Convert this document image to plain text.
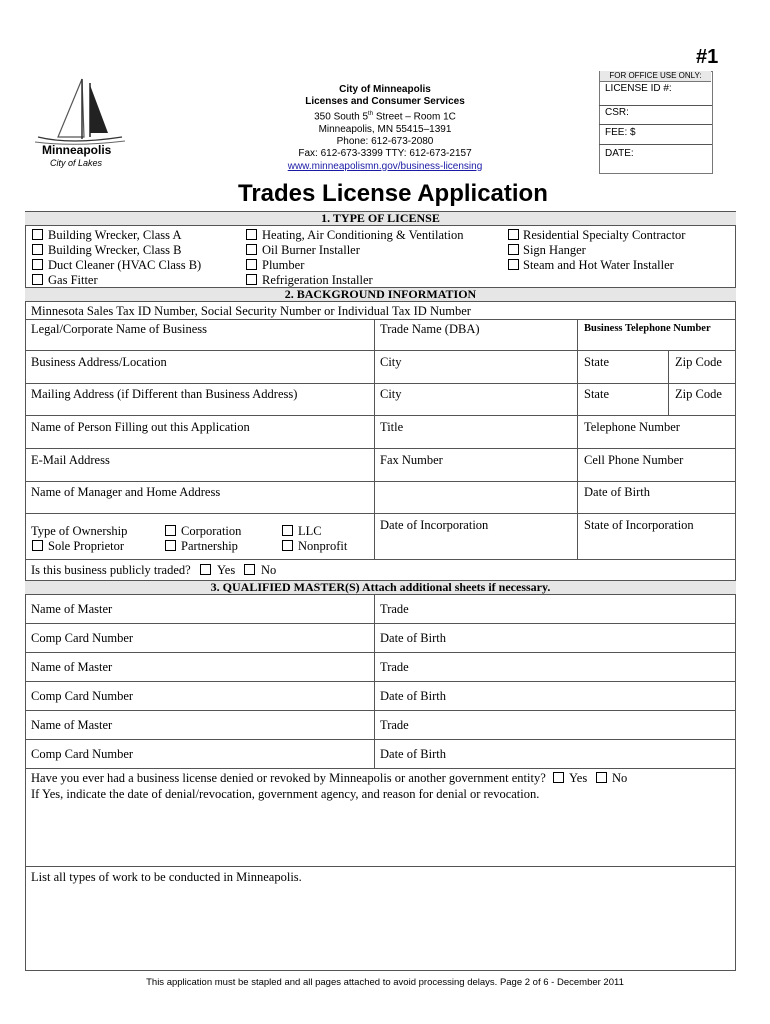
#1
FOR OFFICE USE ONLY:
LICENSE ID #:
CSR:
FEE: $
DATE:
Minneapolis
City of Lakes
City of Minneapolis
Licenses and Consumer Services
350 South 5th Street – Room 1C
Minneapolis, MN 55415–1391
Phone: 612-673-2080
Fax: 612-673-3399 TTY: 612-673-2157
www.minneapolismn.gov/business-licensing
Trades License Application
1. TYPE OF LICENSE
Building Wrecker, Class A
Building Wrecker, Class B
Duct Cleaner (HVAC Class B)
Gas Fitter
Heating, Air Conditioning & Ventilation
Oil Burner Installer
Plumber
Refrigeration Installer
Residential Specialty Contractor
Sign Hanger
Steam and Hot Water Installer
2. BACKGROUND INFORMATION
Minnesota Sales Tax ID Number, Social Security Number or Individual Tax ID Number
Legal/Corporate Name of Business	Trade Name (DBA)	Business Telephone Number
Business Address/Location	City	State	Zip Code
Mailing Address (if Different than Business Address)	City	State	Zip Code
Name of Person Filling out this Application	Title	Telephone Number
E-Mail Address	Fax Number	Cell Phone Number
Name of Manager and Home Address	Date of Birth
Type of Ownership
Sole Proprietor
Corporation
Partnership
LLC
Nonprofit
Date of Incorporation	State of Incorporation
Is this business publicly traded? Yes No
3. QUALIFIED MASTER(S) Attach additional sheets if necessary.
Name of Master	Trade
Comp Card Number	Date of Birth
Name of Master	Trade
Comp Card Number	Date of Birth
Name of Master	Trade
Comp Card Number	Date of Birth
Have you ever had a business license denied or revoked by Minneapolis or another government entity? Yes No
If Yes, indicate the date of denial/revocation, government agency, and reason for denial or revocation.
List all types of work to be conducted in Minneapolis.
This application must be stapled and all pages attached to avoid processing delays. Page 2 of 6 - December 2011
